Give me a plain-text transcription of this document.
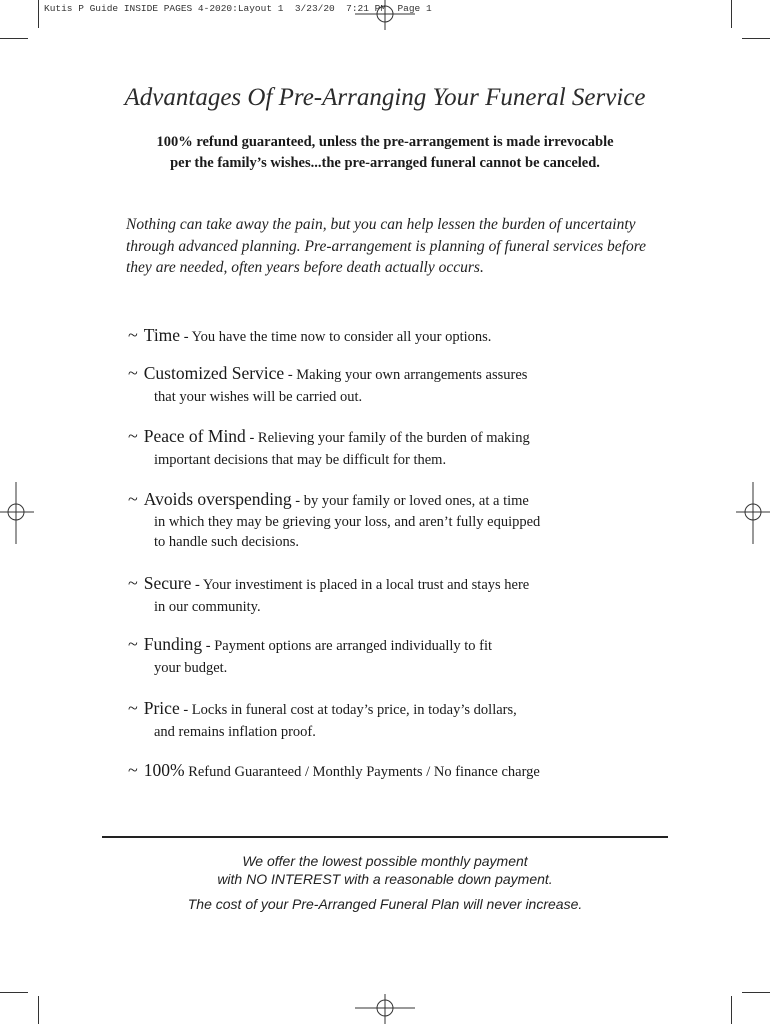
Kutis P Guide INSIDE PAGES 4-2020:Layout 1  3/23/20  7:21 PM  Page 1
Advantages Of Pre-Arranging Your Funeral Service
100% refund guaranteed, unless the pre-arrangement is made irrevocable
per the family’s wishes...the pre-arranged funeral cannot be canceled.

Nothing can take away the pain, but you can help lessen the burden of uncertainty through advanced planning. Pre-arrangement is planning of funeral services before they are needed, often years before death actually occurs.

~ Time - You have the time now to consider all your options.
~ Customized Service - Making your own arrangements assures
that your wishes will be carried out.
~ Peace of Mind - Relieving your family of the burden of making
important decisions that may be difficult for them.
~ Avoids overspending - by your family or loved ones, at a time
in which they may be grieving your loss, and aren’t fully equipped
to handle such decisions.
~ Secure - Your investiment is placed in a local trust and stays here
in our community.
~ Funding - Payment options are arranged individually to fit
your budget.
~ Price - Locks in funeral cost at today’s price, in today’s dollars,
and remains inflation proof.
~ 100% Refund Guaranteed / Monthly Payments / No finance charge
We offer the lowest possible monthly payment
with NO INTEREST with a reasonable down payment.
The cost of your Pre-Arranged Funeral Plan will never increase.
